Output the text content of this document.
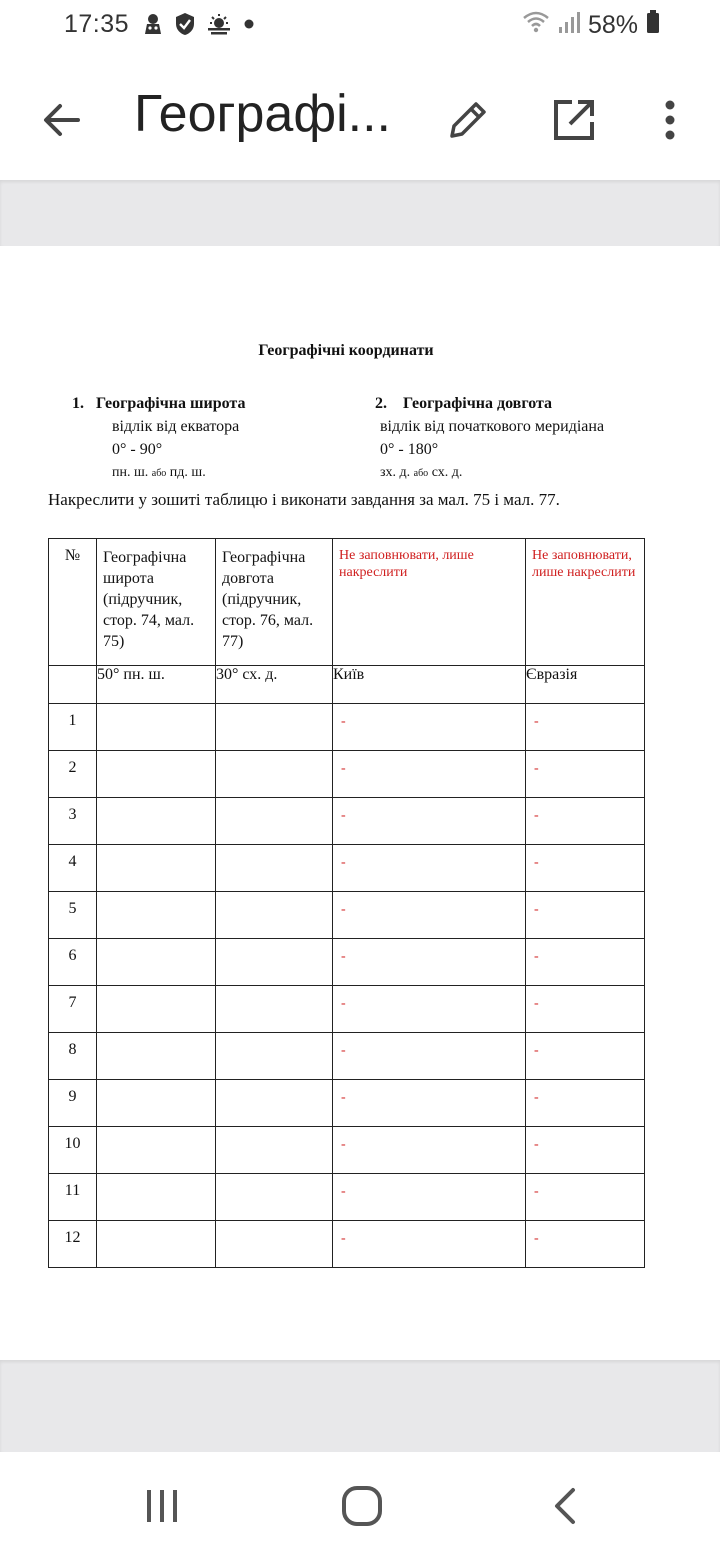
17:35	58%
Географі...
Географічні координати
1. Географічна широта
відлік від екватора
0° - 90°
пн. ш. або пд. ш.
2. Географічна довгота
відлік від початкового меридіана
0° - 180°
зх. д. або сх. д.
Накреслити у зошиті таблицю і виконати завдання за мал. 75 і мал. 77.
№	Географічна широта (підручник, стор. 74, мал. 75)	Географічна довгота (підручник, стор. 76, мал. 77)	Не заповнювати, лише накреслити	Не заповнювати, лише накреслити
	50° пн. ш.	30° сх. д.	Київ	Євразія
1			-	-
2			-	-
3			-	-
4			-	-
5			-	-
6			-	-
7			-	-
8			-	-
9			-	-
10			-	-
11			-	-
12			-	-
